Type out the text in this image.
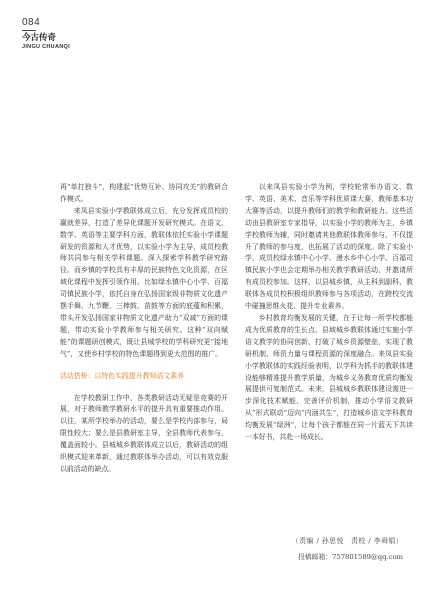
084
今古传奇
JINGU CHUANQI

再“单打独斗”，构建起“优势互补、协同攻关”的教研合作模式。

来凤县实验小学教联体成立后，充分发挥成员校的赢就差异，打造了差异化课题开发研究模式。在语文、数学、英语等主要学科方面，教联体依托实验小学课题研发的资源和人才优势，以实验小学为主导，成员校教师共同参与相关学科课题。深入探索学科教学研究路径。而乡镇的学校具有丰厚的民族特色文化资源，在区域化课程中发挥引领作用。比如绿水镇中心小学、百福司镇民族小学，依托自身在弘扬国家级非物质文化遗产摆手舞、九节鞭、三棒鼓、苗鼓等方面的底蕴和积累，带头开发弘扬国家非物质文化遗产助力“双减”方面的课题，带动实验小学教师参与相关研究。这种“双向赋能”的课题研创模式，既让县城学校的学科研究更“接地气”，又使乡村学校的特色课题得到更大范围的推广。

活动搭桥：以特色实践提升教师语文素养

在学校教研工作中，各类教研活动无疑是竞赛的开展，对于教师教学教研水平的提升具有重要推动作用。以往，某所学校举办的活动，要么是学校内部参与，局限性较大；要么是县教研室主导，全县教师代表参与，覆盖面较小。县城城乡教联体成立以后，教研活动的组织模式迎来革新，通过教联体举办活动，可以有效克服以前活动的缺点。

以来凤县实验小学为例，学校轮常举办语文、数学、英语、美术、音乐等学科优质课大赛，教师基本功大赛等活动，以提升教师们的教学和教研能力。这些活动由县教研室专家指导，以实验小学的教师为主，乡镇学校教师为辅，同时邀请其他教联体教师参与，不仅提升了教师的参与度，也拓展了活动的深度。除了实验小学，成员校绿水镇中心小学、漫水乡中心小学、百福司镇民族小学也会定期举办相关教学教研活动，并邀请所有成员校参加。这样，以县城乡镇，从主科到副科，教联体各成员校积极组织教师参与各项活动，在跨校交流中碰撞思维火花、提升专业素养。

乡村教育均衡发展的关键，在于让每一所学校都能成为优质教育的生长点。县域城乡教联体通过实施小学语文教学的协同创新，打破了城乡资源壁垒，实现了教研机制、师资力量与课程资源的深度融合。来凤县实验小学教联体的实践经验表明，以学科为抓手的教联体建设能够精准提升教学质量，为城乡义务教育优质均衡发展提供可复制范式。未来，县城城乡教联体建设需进一步深化技术赋能、完善评价机制，推动小学语文教研从“形式联动”迈向“内涵共生”，打造城乡语文学科教育均衡发展“绿洲”，让每个孩子都能在同一片蓝天下共读一本好书，共赴一场成长。

（责编 / 孙思悦　责校 / 李舜娟）
投稿邮箱：757801589@qq.com
